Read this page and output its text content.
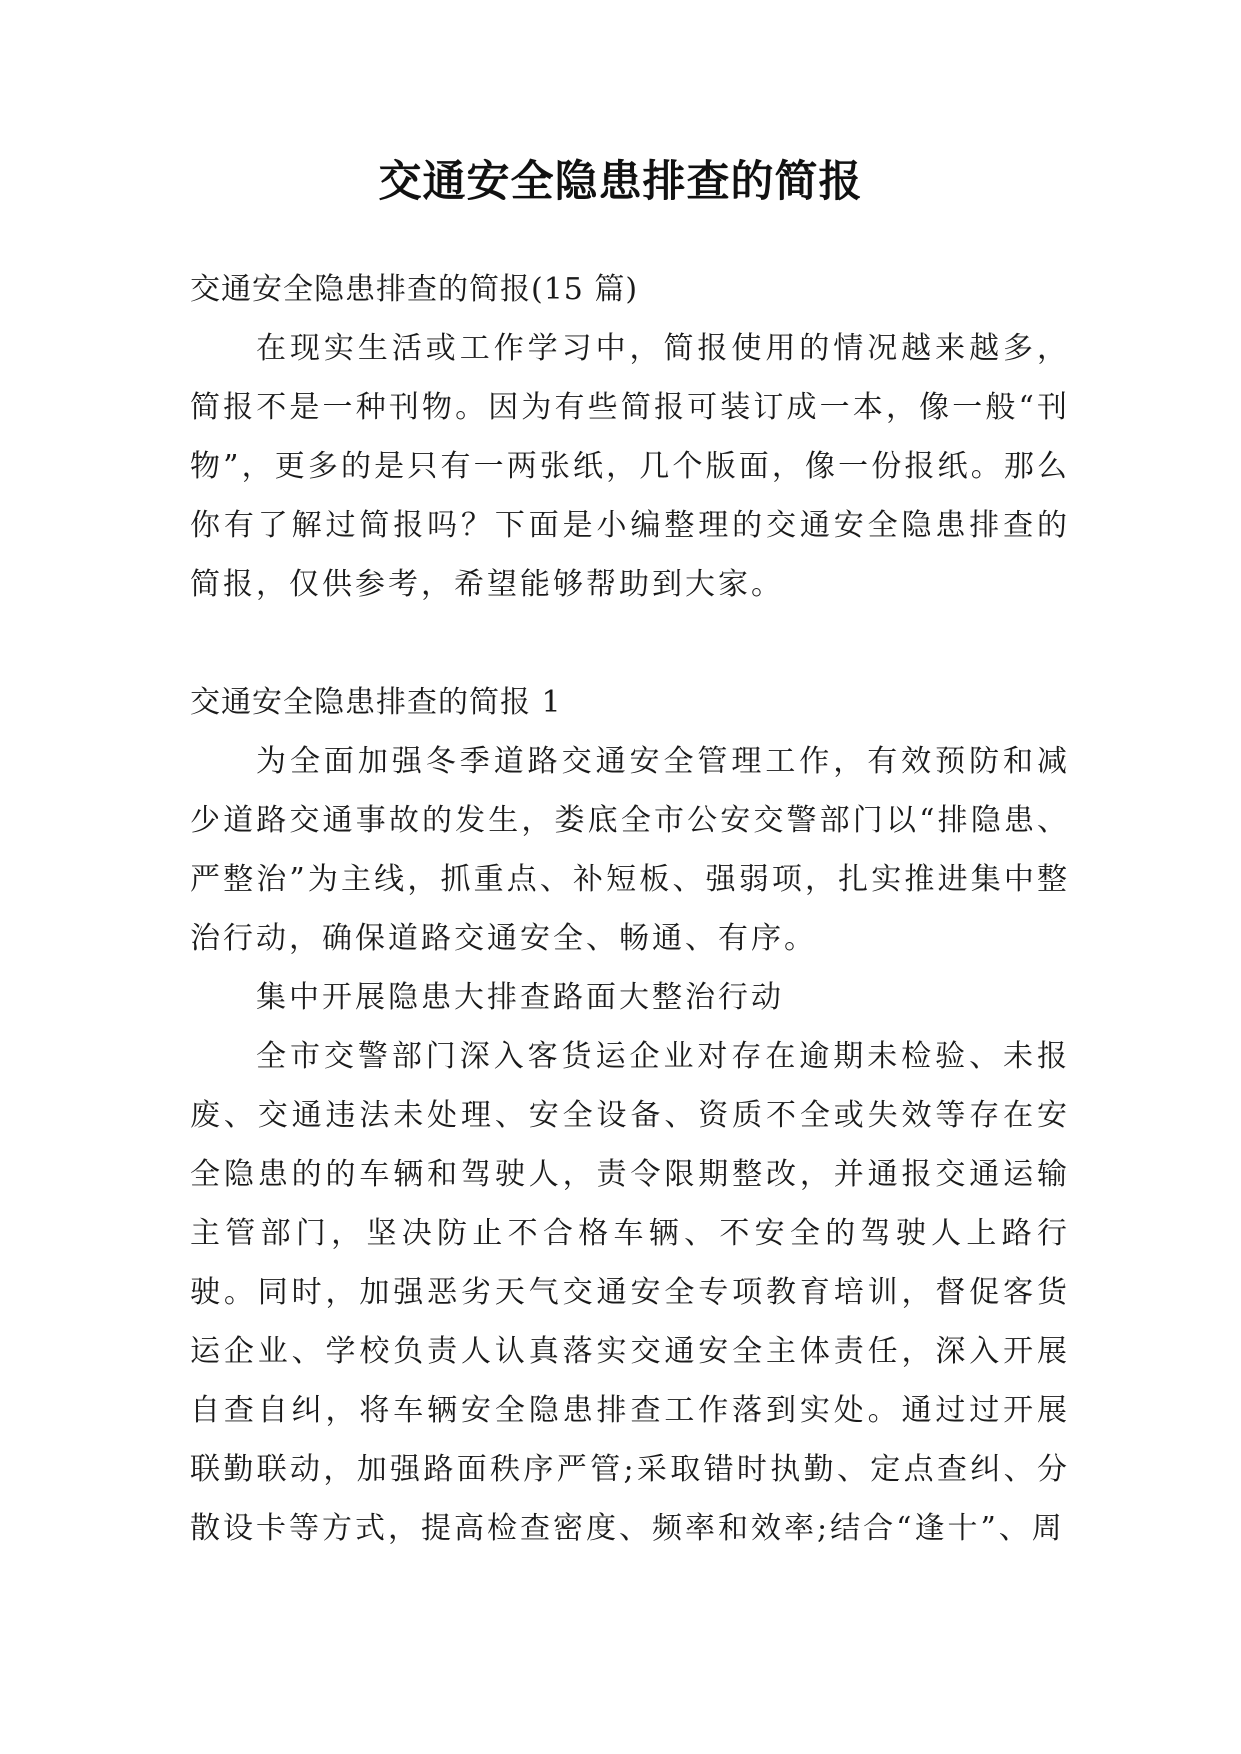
交通安全隐患排查的简报

交通安全隐患排查的简报(15 篇)

在现实生活或工作学习中，简报使用的情况越来越多，简报不是一种刊物。因为有些简报可装订成一本，像一般“刊物”，更多的是只有一两张纸，几个版面，像一份报纸。那么你有了解过简报吗？下面是小编整理的交通安全隐患排查的简报，仅供参考，希望能够帮助到大家。

交通安全隐患排查的简报 1

为全面加强冬季道路交通安全管理工作，有效预防和减少道路交通事故的发生，娄底全市公安交警部门以“排隐患、严整治”为主线，抓重点、补短板、强弱项，扎实推进集中整治行动，确保道路交通安全、畅通、有序。

集中开展隐患大排查路面大整治行动

全市交警部门深入客货运企业对存在逾期未检验、未报废、交通违法未处理、安全设备、资质不全或失效等存在安全隐患的的车辆和驾驶人，责令限期整改，并通报交通运输主管部门，坚决防止不合格车辆、不安全的驾驶人上路行驶。同时，加强恶劣天气交通安全专项教育培训，督促客货运企业、学校负责人认真落实交通安全主体责任，深入开展自查自纠，将车辆安全隐患排查工作落到实处。通过过开展联勤联动，加强路面秩序严管;采取错时执勤、定点查纠、分散设卡等方式，提高检查密度、频率和效率;结合“逢十”、周
